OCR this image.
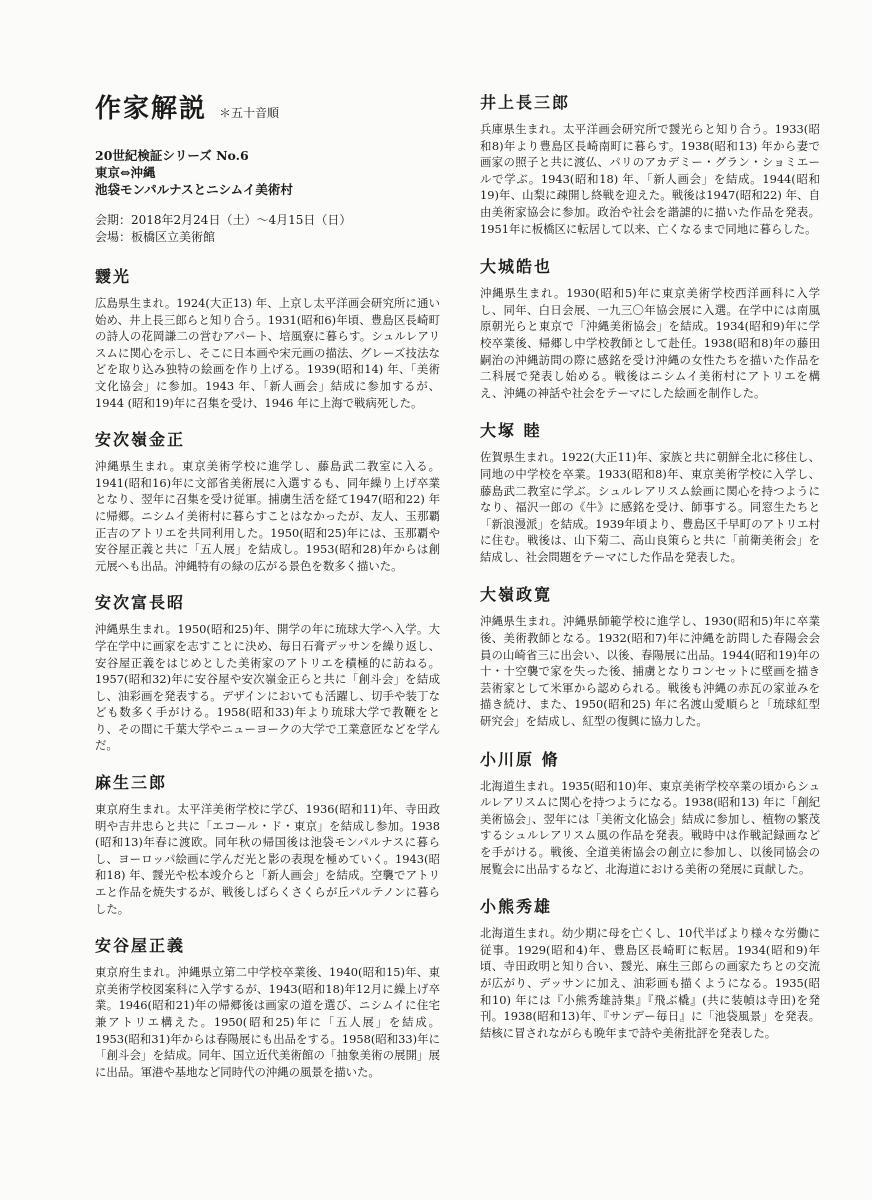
作家解説 ＊五十音順
20世紀検証シリーズ No.6
東京⇔沖縄
池袋モンパルナスとニシムイ美術村
会期：2018年2月24日（土）〜4月15日（日）
会場：板橋区立美術館
靉光
広島県生まれ。1924(大正13) 年、上京し太平洋画会研究所に通い始め、井上長三郎らと知り合う。1931(昭和6)年頃、豊島区長崎町の詩人の花岡謙二の営むアパート、培風寮に暮らす。シュルレアリスムに関心を示し、そこに日本画や宋元画の描法、グレーズ技法などを取り込み独特の絵画を作り上げる。1939(昭和14) 年、「美術文化協会」に参加。1943 年、「新人画会」結成に参加するが、1944 (昭和19)年に召集を受け、1946 年に上海で戦病死した。
安次嶺金正
沖縄県生まれ。東京美術学校に進学し、藤島武二教室に入る。1941(昭和16)年に文部省美術展に入選するも、同年繰り上げ卒業となり、翌年に召集を受け従軍。捕虜生活を経て1947(昭和22) 年に帰郷。ニシムイ美術村に暮らすことはなかったが、友人、玉那覇正吉のアトリエを共同利用した。1950(昭和25)年には、玉那覇や安谷屋正義と共に「五人展」を結成し。1953(昭和28)年からは創元展へも出品。沖縄特有の緑の広がる景色を数多く描いた。
安次富長昭
沖縄県生まれ。1950(昭和25)年、開学の年に琉球大学へ入学。大学在学中に画家を志すことに決め、毎日石膏デッサンを繰り返し、安谷屋正義をはじめとした美術家のアトリエを積極的に訪ねる。1957(昭和32)年に安谷屋や安次嶺金正らと共に「創斗会」を結成し、油彩画を発表する。デザインにおいても活躍し、切手や装丁なども数多く手がける。1958(昭和33)年より琉球大学で教鞭をとり、その間に千葉大学やニューヨークの大学で工業意匠などを学んだ。
麻生三郎
東京府生まれ。太平洋美術学校に学び、1936(昭和11)年、寺田政明や吉井忠らと共に「エコール・ド・東京」を結成し参加。1938 (昭和13)年春に渡欧。同年秋の帰国後は池袋モンパルナスに暮らし、ヨーロッパ絵画に学んだ光と影の表現を極めていく。1943(昭和18) 年、靉光や松本竣介らと「新人画会」を結成。空襲でアトリエと作品を焼失するが、戦後しばらくさくらが丘パルテノンに暮らした。
安谷屋正義
東京府生まれ。沖縄県立第二中学校卒業後、1940(昭和15)年、東京美術学校図案科に入学するが、1943(昭和18)年12月に繰上げ卒業。1946(昭和21)年の帰郷後は画家の道を選び、ニシムイに住宅兼アトリエ構えた。1950(昭和25)年に「五人展」を結成。1953(昭和31)年からは春陽展にも出品をする。1958(昭和33)年に「創斗会」を結成。同年、国立近代美術館の「抽象美術の展開」展に出品。軍港や基地など同時代の沖縄の風景を描いた。
井上長三郎
兵庫県生まれ。太平洋画会研究所で靉光らと知り合う。1933(昭和8)年より豊島区長崎南町に暮らす。1938(昭和13) 年から妻で画家の照子と共に渡仏、パリのアカデミー・グラン・ショミエールで学ぶ。1943(昭和18) 年、「新人画会」を結成。1944(昭和19)年、山梨に疎開し終戦を迎えた。戦後は1947(昭和22) 年、自由美術家協会に参加。政治や社会を諧謔的に描いた作品を発表。1951年に板橋区に転居して以来、亡くなるまで同地に暮らした。
大城皓也
沖縄県生まれ。1930(昭和5)年に東京美術学校西洋画科に入学し、同年、白日会展、一九三〇年協会展に入選。在学中には南風原朝光らと東京で「沖縄美術協会」を結成。1934(昭和9)年に学校卒業後、帰郷し中学校教師として赴任。1938(昭和8)年の藤田嗣治の沖縄訪問の際に感銘を受け沖縄の女性たちを描いた作品を二科展で発表し始める。戦後はニシムイ美術村にアトリエを構え、沖縄の神話や社会をテーマにした絵画を制作した。
大塚 睦
佐賀県生まれ。1922(大正11)年、家族と共に朝鮮全北に移住し、同地の中学校を卒業。1933(昭和8)年、東京美術学校に入学し、藤島武二教室に学ぶ。シュルレアリスム絵画に関心を持つようになり、福沢一郎の《牛》に感銘を受け、師事する。同窓生たちと「新浪漫派」を結成。1939年頃より、豊島区千早町のアトリエ村に住む。戦後は、山下菊二、高山良策らと共に「前衛美術会」を結成し、社会問題をテーマにした作品を発表した。
大嶺政寛
沖縄県生まれ。沖縄県師範学校に進学し、1930(昭和5)年に卒業後、美術教師となる。1932(昭和7)年に沖縄を訪問した春陽会会員の山崎省三に出会い、以後、春陽展に出品。1944(昭和19)年の十・十空襲で家を失った後、捕虜となりコンセットに壁画を描き芸術家として米軍から認められる。戦後も沖縄の赤瓦の家並みを描き続け、また、1950(昭和25) 年に名渡山愛順らと「琉球紅型研究会」を結成し、紅型の復興に協力した。
小川原 脩
北海道生まれ。1935(昭和10)年、東京美術学校卒業の頃からシュルレアリスムに関心を持つようになる。1938(昭和13) 年に「創紀美術協会」、翌年には「美術文化協会」結成に参加し、植物の繁茂するシュルレアリスム風の作品を発表。戦時中は作戦記録画などを手がける。戦後、全道美術協会の創立に参加し、以後同協会の展覧会に出品するなど、北海道における美術の発展に貢献した。
小熊秀雄
北海道生まれ。幼少期に母を亡くし、10代半ばより様々な労働に従事。1929(昭和4)年、豊島区長崎町に転居。1934(昭和9)年頃、寺田政明と知り合い、靉光、麻生三郎らの画家たちとの交流が広がり、デッサンに加え、油彩画も描くようになる。1935(昭和10) 年には『小熊秀雄詩集』『飛ぶ橇』(共に装幀は寺田)を発刊。1938(昭和13)年、『サンデー毎日』に「池袋風景」を発表。結核に冒されながらも晩年まで詩や美術批評を発表した。
